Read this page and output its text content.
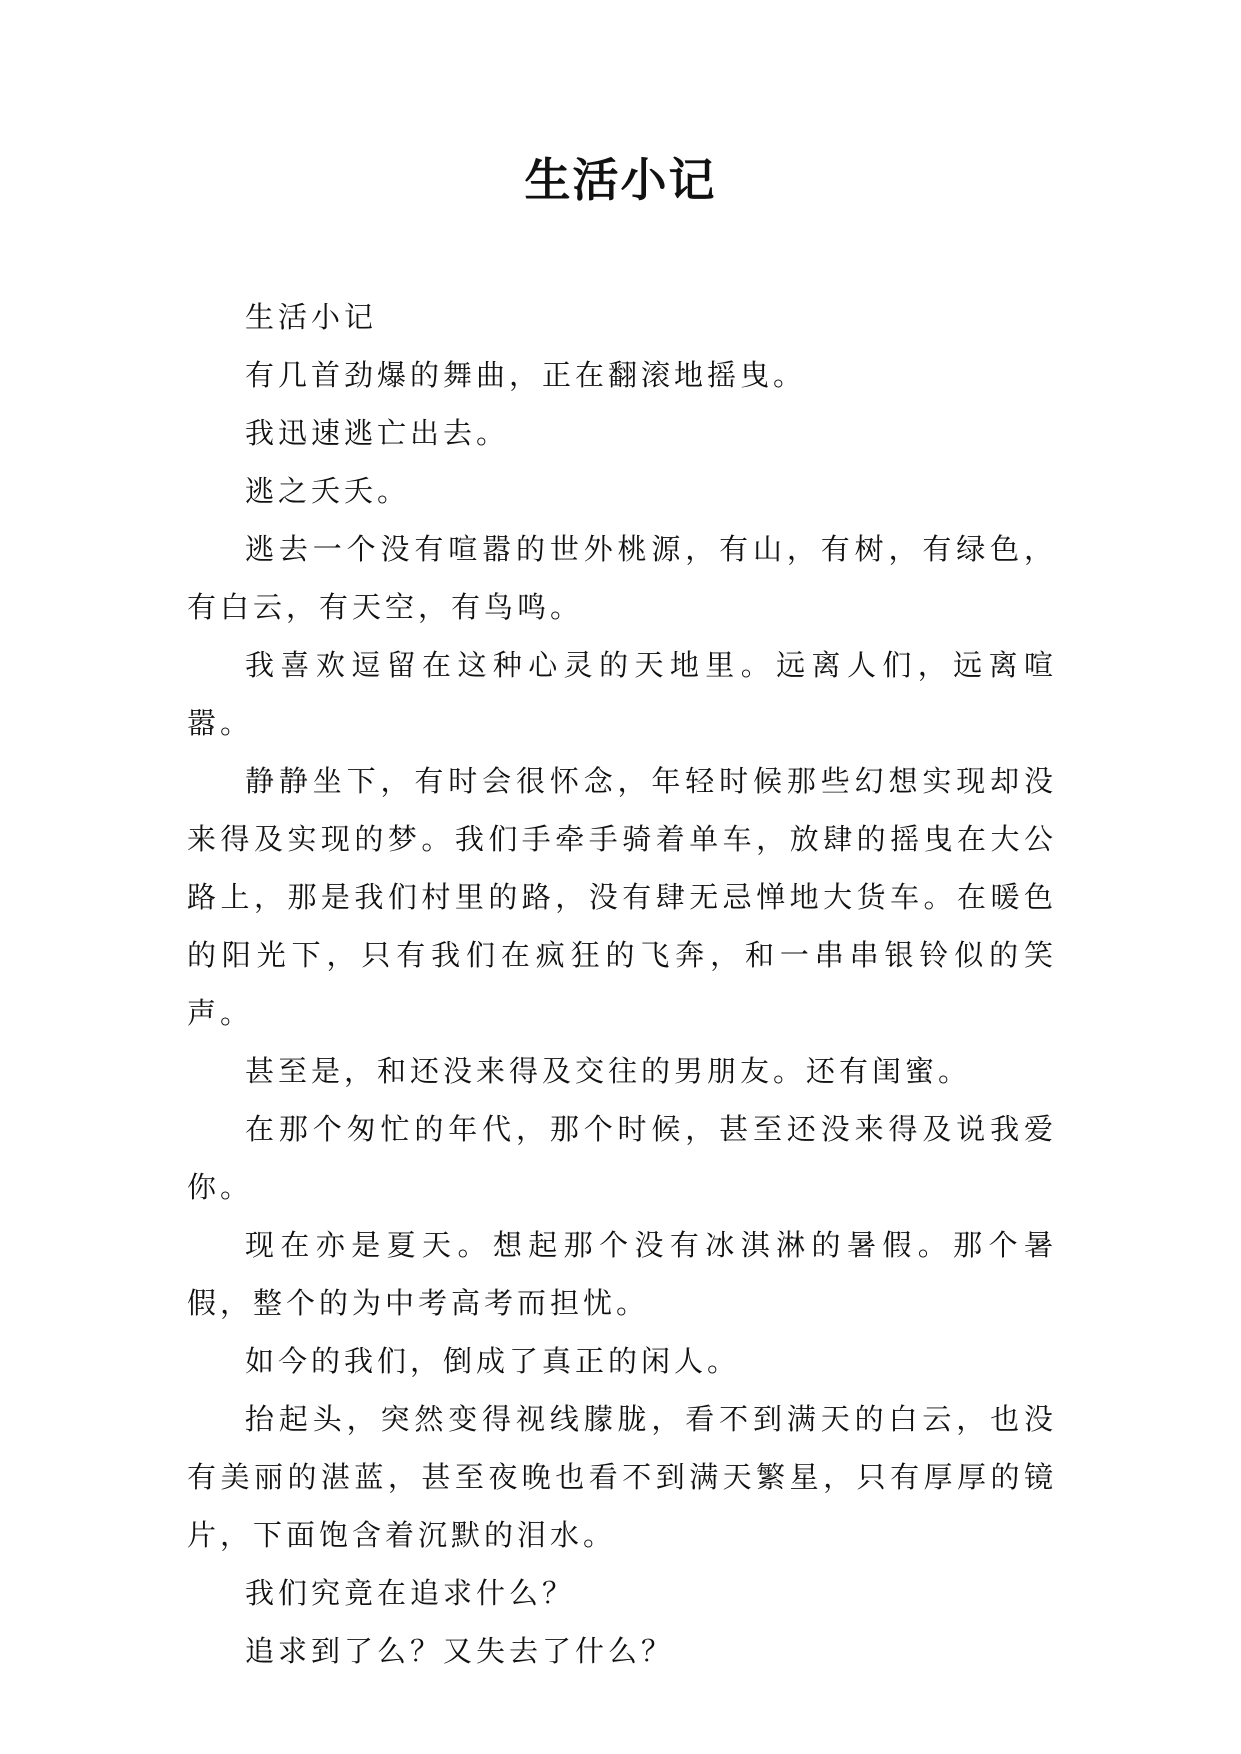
生活小记

生活小记

有几首劲爆的舞曲，正在翻滚地摇曳。

我迅速逃亡出去。

逃之夭夭。

逃去一个没有喧嚣的世外桃源，有山，有树，有绿色，有白云，有天空，有鸟鸣。

我喜欢逗留在这种心灵的天地里。远离人们，远离喧嚣。

静静坐下，有时会很怀念，年轻时候那些幻想实现却没来得及实现的梦。我们手牵手骑着单车，放肆的摇曳在大公路上，那是我们村里的路，没有肆无忌惮地大货车。在暖色的阳光下，只有我们在疯狂的飞奔，和一串串银铃似的笑声。

甚至是，和还没来得及交往的男朋友。还有闺蜜。

在那个匆忙的年代，那个时候，甚至还没来得及说我爱你。

现在亦是夏天。想起那个没有冰淇淋的暑假。那个暑假，整个的为中考高考而担忧。

如今的我们，倒成了真正的闲人。

抬起头，突然变得视线朦胧，看不到满天的白云，也没有美丽的湛蓝，甚至夜晚也看不到满天繁星，只有厚厚的镜片，下面饱含着沉默的泪水。

我们究竟在追求什么？

追求到了么？又失去了什么？
